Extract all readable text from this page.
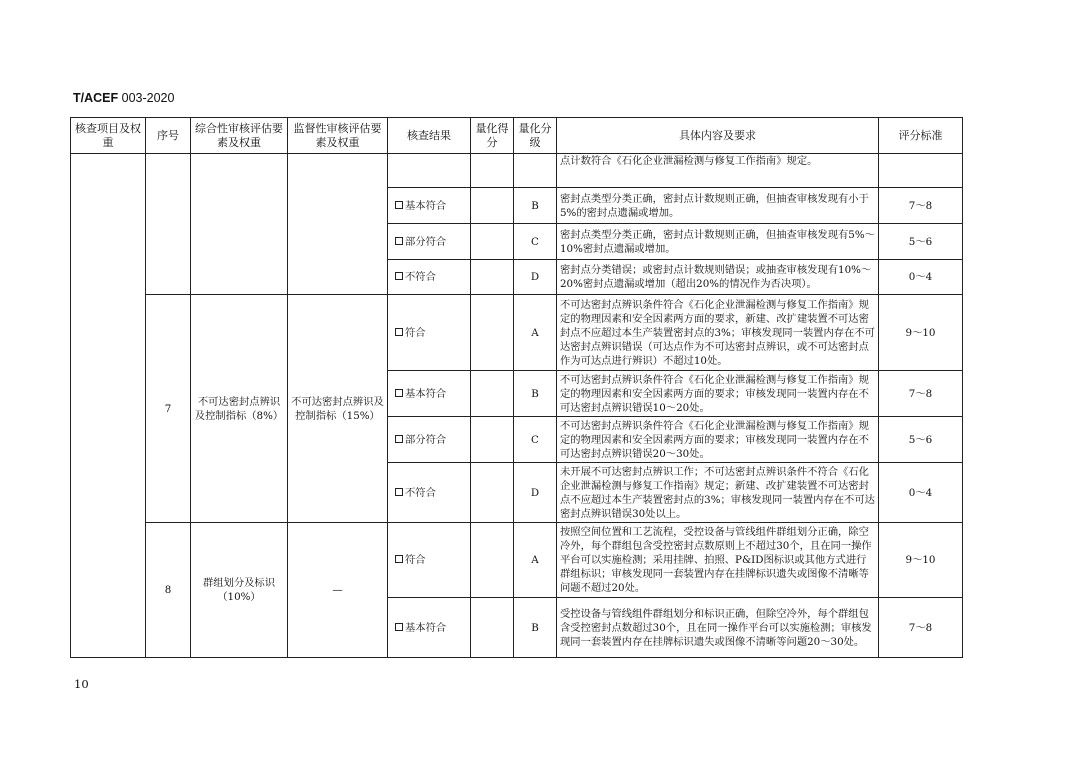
T/ACEF 003-2020
核查项目及权重	序号	综合性审核评估要素及权重	监督性审核评估要素及权重	核查结果	量化得分	量化分级	具体内容及要求	评分标准
							点计数符合《石化企业泄漏检测与修复工作指南》规定。	
				基本符合		B	密封点类型分类正确，密封点计数规则正确，但抽查审核发现有小于5%的密封点遗漏或增加。	7～8
				部分符合		C	密封点类型分类正确，密封点计数规则正确，但抽查审核发现有5%～10%密封点遗漏或增加。	5～6
				不符合		D	密封点分类错误；或密封点计数规则错误；或抽查审核发现有10%～20%密封点遗漏或增加（超出20%的情况作为否决项）。	0～4
	7	不可达密封点辨识及控制指标（8%）	不可达密封点辨识及控制指标（15%）	符合		A	不可达密封点辨识条件符合《石化企业泄漏检测与修复工作指南》规定的物理因素和安全因素两方面的要求，新建、改扩建装置不可达密封点不应超过本生产装置密封点的3%；审核发现同一装置内存在不可达密封点辨识错误（可达点作为不可达密封点辨识，或不可达密封点作为可达点进行辨识）不超过10处。	9～10
				基本符合		B	不可达密封点辨识条件符合《石化企业泄漏检测与修复工作指南》规定的物理因素和安全因素两方面的要求；审核发现同一装置内存在不可达密封点辨识错误10～20处。	7～8
				部分符合		C	不可达密封点辨识条件符合《石化企业泄漏检测与修复工作指南》规定的物理因素和安全因素两方面的要求；审核发现同一装置内存在不可达密封点辨识错误20～30处。	5～6
				不符合		D	未开展不可达密封点辨识工作；不可达密封点辨识条件不符合《石化企业泄漏检测与修复工作指南》规定；新建、改扩建装置不可达密封点不应超过本生产装置密封点的3%；审核发现同一装置内存在不可达密封点辨识错误30处以上。	0～4
	8	群组划分及标识（10%）	—	符合		A	按照空间位置和工艺流程，受控设备与管线组件群组划分正确，除空冷外，每个群组包含受控密封点数原则上不超过30个，且在同一操作平台可以实施检测；采用挂牌、拍照、P&ID图标识或其他方式进行群组标识；审核发现同一套装置内存在挂牌标识遗失或图像不清晰等问题不超过20处。	9～10
				基本符合		B	受控设备与管线组件群组划分和标识正确，但除空冷外，每个群组包含受控密封点数超过30个，且在同一操作平台可以实施检测；审核发现同一套装置内存在挂牌标识遗失或图像不清晰等问题20～30处。	7～8
10
